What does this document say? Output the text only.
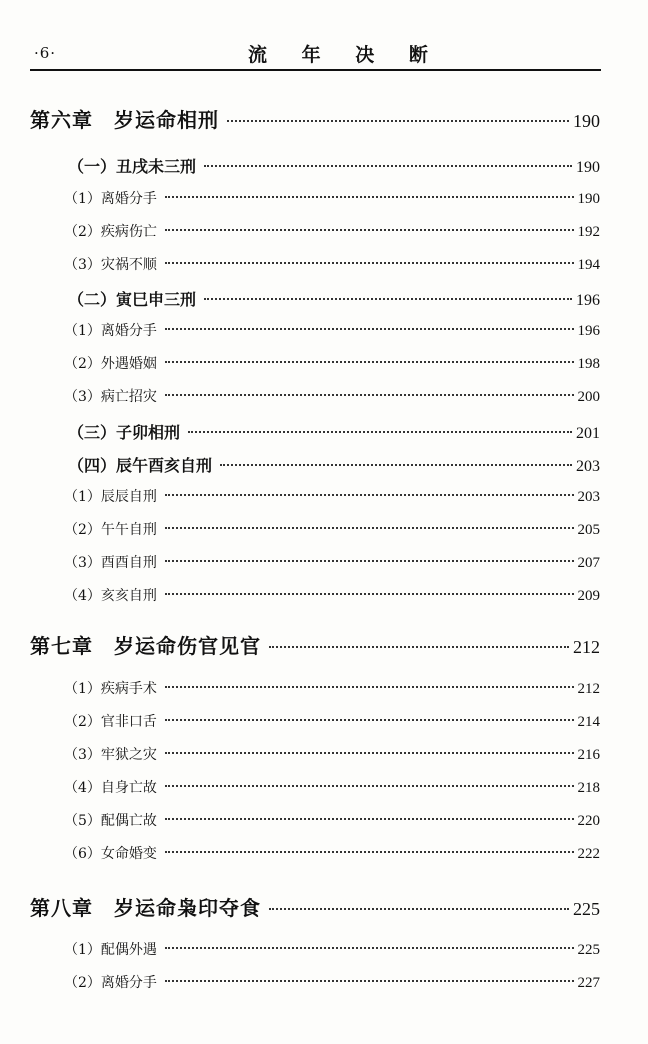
·6·	流 年 决 断
第六章　岁运命相刑	190
（一）丑戌未三刑	190
（1）离婚分手	190
（2）疾病伤亡	192
（3）灾祸不顺	194
（二）寅巳申三刑	196
（1）离婚分手	196
（2）外遇婚姻	198
（3）病亡招灾	200
（三）子卯相刑	201
（四）辰午酉亥自刑	203
（1）辰辰自刑	203
（2）午午自刑	205
（3）酉酉自刑	207
（4）亥亥自刑	209
第七章　岁运命伤官见官	212
（1）疾病手术	212
（2）官非口舌	214
（3）牢狱之灾	216
（4）自身亡故	218
（5）配偶亡故	220
（6）女命婚变	222
第八章　岁运命枭印夺食	225
（1）配偶外遇	225
（2）离婚分手	227
